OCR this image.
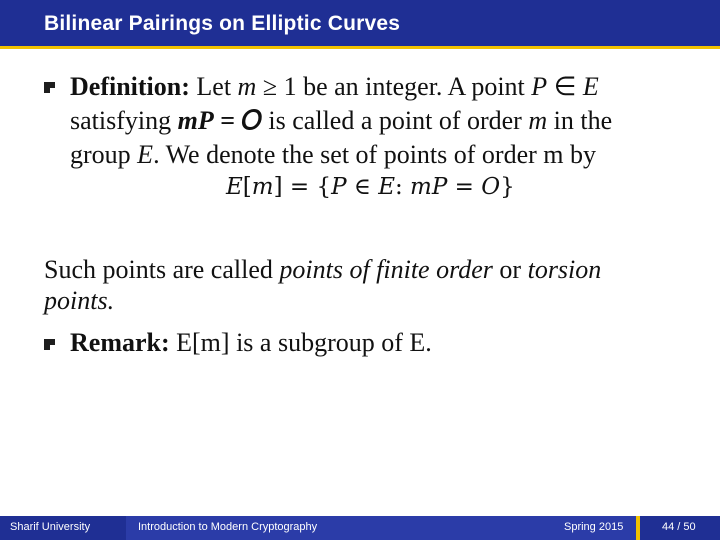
Bilinear Pairings on Elliptic Curves
Definition: Let m ≥ 1 be an integer. A point P ∈ E
satisfying mP = 𝑂 is called a point of order m in the
group E. We denote the set of points of order m by
𝐸[𝑚] = {𝑃 ∈ 𝐸: 𝑚𝑃 = 𝑂}
Such points are called points of finite order or torsion
points.
Remark: E[m] is a subgroup of E.
Sharif University	Introduction to Modern Cryptography	Spring 2015	44 / 50
